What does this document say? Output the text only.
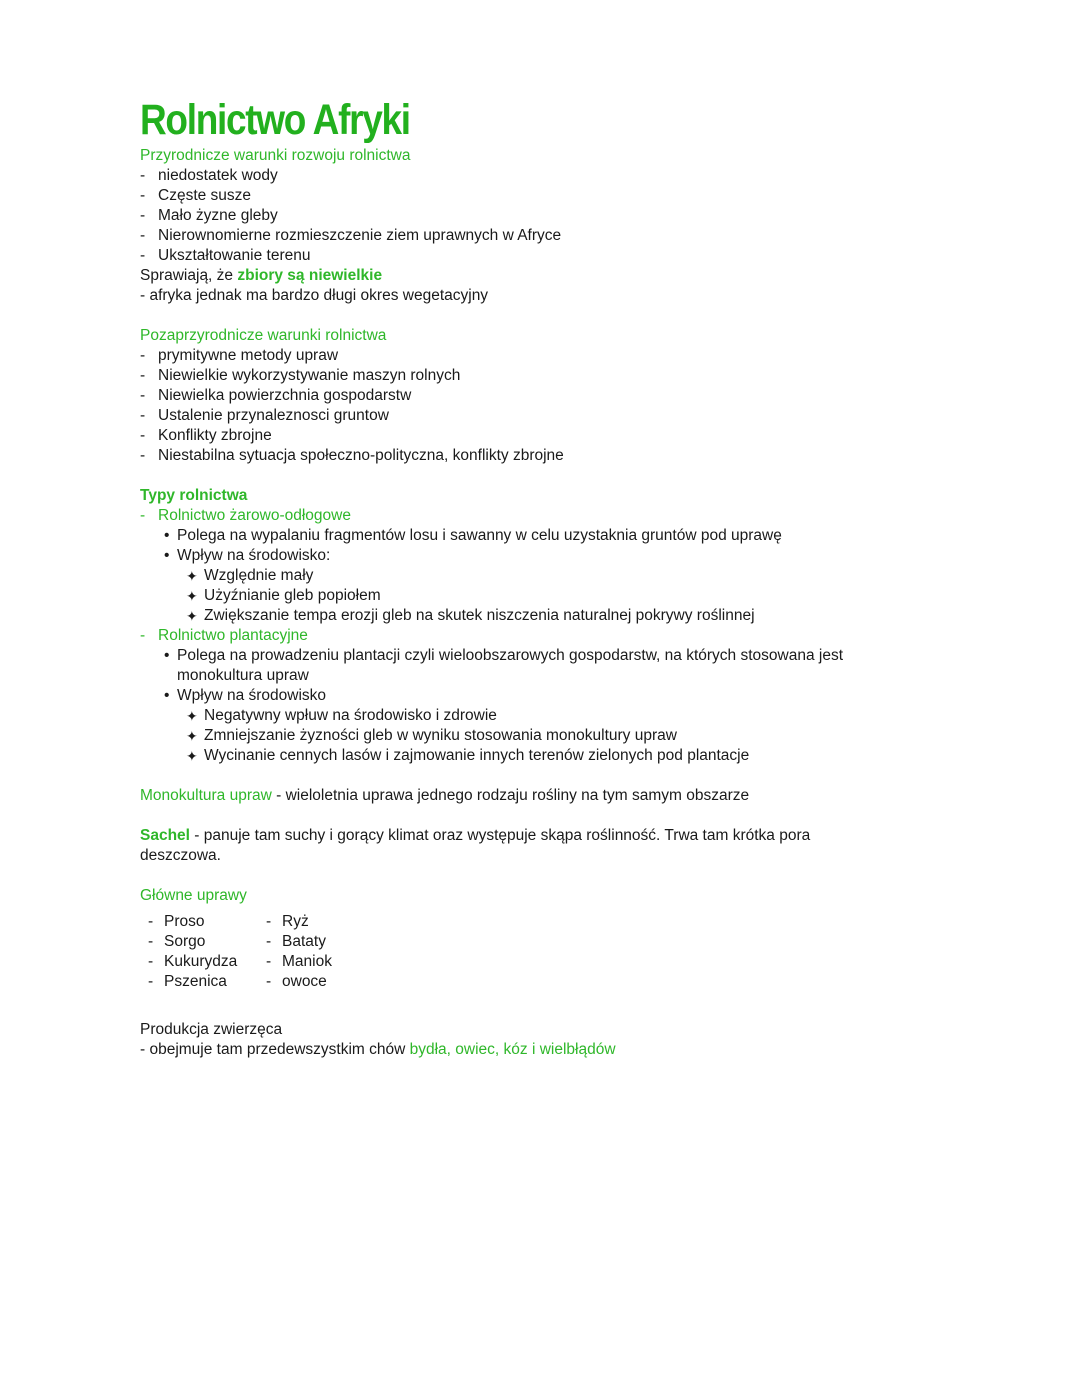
Rolnictwo Afryki
Przyrodnicze warunki rozwoju rolnictwa
- niedostatek wody
- Częste susze
- Mało żyzne gleby
- Nierownomierne rozmieszczenie ziem uprawnych w Afryce
- Ukształtowanie terenu
Sprawiają, że zbiory są niewielkie
- afryka jednak ma bardzo długi okres wegetacyjny
Pozaprzyrodnicze warunki rolnictwa
- prymitywne metody upraw
- Niewielkie wykorzystywanie maszyn rolnych
- Niewielka powierzchnia gospodarstw
- Ustalenie przynaleznosci gruntow
- Konflikty zbrojne
- Niestabilna sytuacja społeczno-polityczna, konflikty zbrojne
Typy rolnictwa
- Rolnictwo żarowo-odłogowe
• Polega na wypalaniu fragmentów losu i sawanny w celu uzystaknia gruntów pod uprawę
• Wpływ na środowisko:
✦ Względnie mały
✦ Użyźnianie gleb popiołem
✦ Zwiększanie tempa erozji gleb na skutek niszczenia naturalnej pokrywy roślinnej
- Rolnictwo plantacyjne
• Polega na prowadzeniu plantacji czyli wieloobszarowych gospodarstw, na których stosowana jest
monokultura upraw
• Wpływ na środowisko
✦ Negatywny wpłuw na środowisko i zdrowie
✦ Zmniejszanie żyzności gleb w wyniku stosowania monokultury upraw
✦ Wycinanie cennych lasów i zajmowanie innych terenów zielonych pod plantacje
Monokultura upraw - wieloletnia uprawa jednego rodzaju rośliny na tym samym obszarze
Sachel - panuje tam suchy i gorący klimat oraz występuje skąpa roślinność. Trwa tam krótka pora
deszczowa.
Główne uprawy
- Proso
- Sorgo
- Kukurydza
- Pszenica
- Ryż
- Bataty
- Maniok
- owoce
Produkcja zwierzęca
- obejmuje tam przedewszystkim chów bydła, owiec, kóz i wielbłądów
